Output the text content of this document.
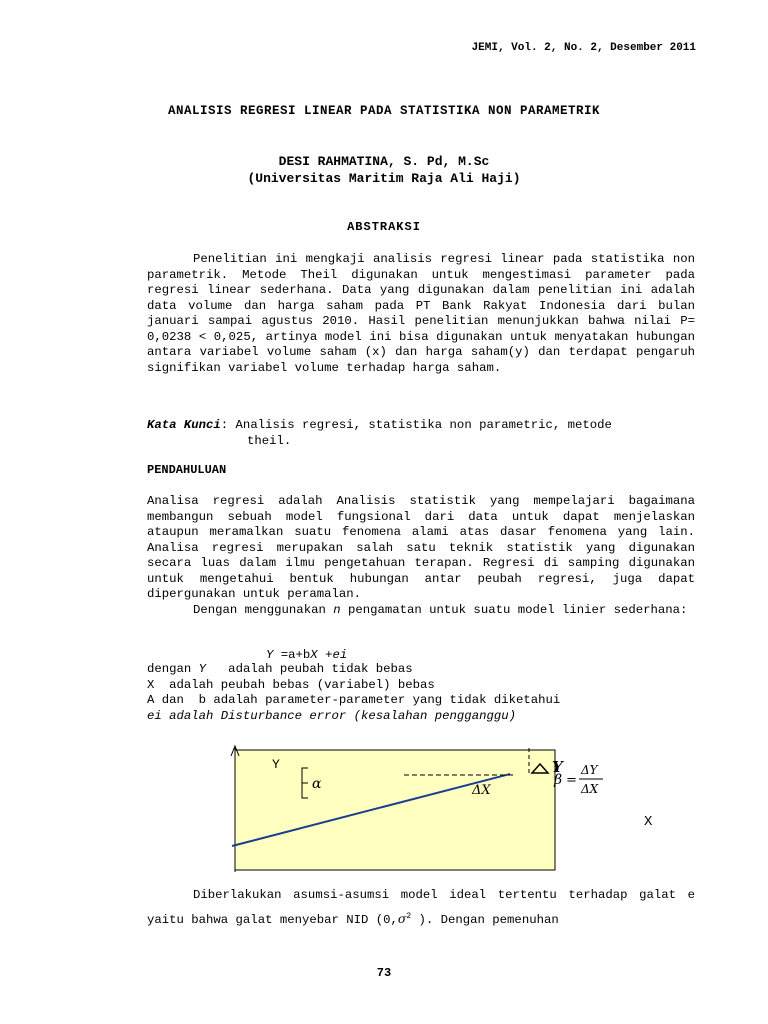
JEMI, Vol. 2, No. 2, Desember 2011
ANALISIS REGRESI LINEAR PADA STATISTIKA NON PARAMETRIK
DESI RAHMATINA, S. Pd, M.Sc
(Universitas Maritim Raja Ali Haji)
ABSTRAKSI

Penelitian ini mengkaji analisis regresi linear pada statistika non parametrik. Metode Theil digunakan untuk mengestimasi parameter pada regresi linear sederhana. Data yang digunakan dalam penelitian ini adalah data volume dan harga saham pada PT Bank Rakyat Indonesia dari bulan januari sampai agustus 2010. Hasil penelitian menunjukkan bahwa nilai P= 0,0238 < 0,025, artinya model ini bisa digunakan untuk menyatakan hubungan antara variabel volume saham (x) dan harga saham(y) dan terdapat pengaruh signifikan variabel volume terhadap harga saham.

Kata Kunci: Analisis regresi, statistika non parametric, metode
theil.
PENDAHULUAN

Analisa regresi adalah Analisis statistik yang mempelajari bagaimana membangun sebuah model fungsional dari data untuk dapat menjelaskan ataupun meramalkan suatu fenomena alami atas dasar fenomena yang lain. Analisa regresi merupakan salah satu teknik statistik yang digunakan secara luas dalam ilmu pengetahuan terapan. Regresi di samping digunakan untuk mengetahui bentuk hubungan antar peubah regresi, juga dapat dipergunakan untuk peramalan.

Dengan menggunakan n pengamatan untuk suatu model linier sederhana:

Y =a+bX +ei
dengan Y   adalah peubah tidak bebas
X  adalah peubah bebas (variabel) bebas
A dan  b adalah parameter-parameter yang tidak diketahui
ei adalah Disturbance error (kesalahan pengganggu)
Y
α	ΔX
Y
β =
ΔY
ΔX
X
Diberlakukan asumsi-asumsi model ideal tertentu terhadap galat e yaitu bahwa galat menyebar NID ($0,\sigma^2$ ). Dengan pemenuhan
73
